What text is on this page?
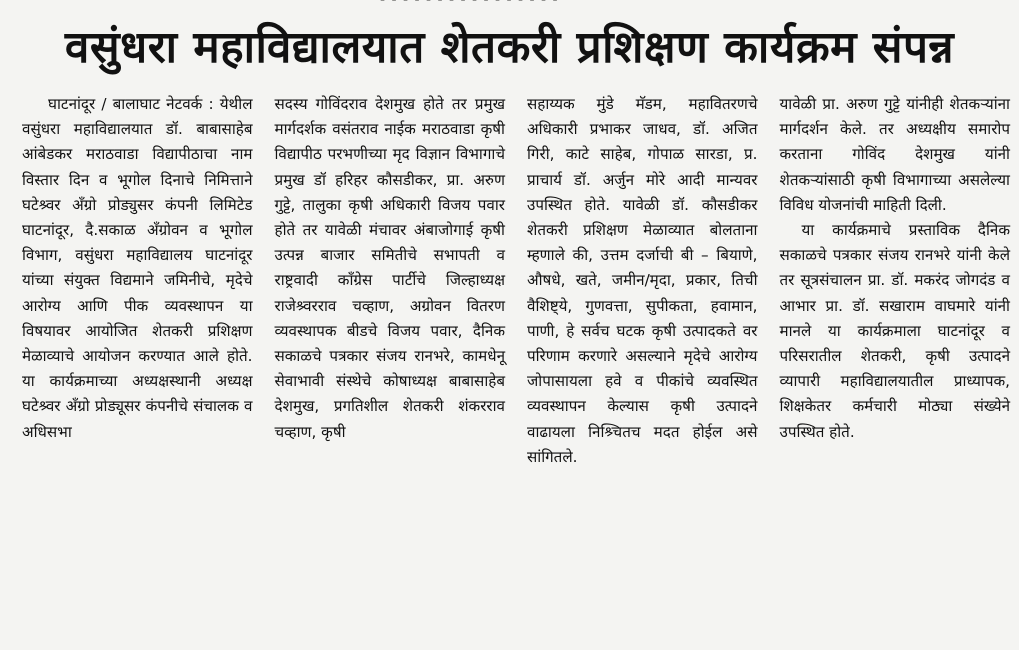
- - - - - - - - - - - - - - - -
वसुंधरा महाविद्यालयात शेतकरी प्रशिक्षण कार्यक्रम संपन्न

घाटनांदूर / बालाघाट नेटवर्क : येथील वसुंधरा महाविद्यालयात डॉ. बाबासाहेब आंबेडकर मराठवाडा विद्यापीठाचा नाम विस्तार दिन व भूगोल दिनाचे निमित्ताने घटेश्र्वर अँग्रो प्रोड्युसर कंपनी लिमिटेड घाटनांदूर, दै.सकाळ अँग्रोवन व भूगोल विभाग, वसुंधरा महाविद्यालय घाटनांदूर यांच्या संयुक्त विद्यमाने जमिनीचे, मृदेचे आरोग्य आणि पीक व्यवस्थापन या विषयावर आयोजित शेतकरी प्रशिक्षण मेळाव्याचे आयोजन करण्यात आले होते. या कार्यक्रमाच्या अध्यक्षस्थानी अध्यक्ष घटेश्र्वर अँग्रो प्रोड्यूसर कंपनीचे संचालक व अधिसभा

सदस्य गोविंदराव देशमुख होते तर प्रमुख मार्गदर्शक वसंतराव नाईक मराठवाडा कृषी विद्यापीठ परभणीच्या मृद विज्ञान विभागाचे प्रमुख डॉ हरिहर कौसडीकर, प्रा. अरुण गुट्टे, तालुका कृषी अधिकारी विजय पवार होते तर यावेळी मंचावर अंबाजोगाई कृषी उत्पन्न बाजार समितीचे सभापती व राष्ट्रवादी काँग्रेस पार्टीचे जिल्हाध्यक्ष राजेश्र्वरराव चव्हाण, अग्रोवन वितरण व्यवस्थापक बीडचे विजय पवार, दैनिक सकाळचे पत्रकार संजय रानभरे, कामधेनू सेवाभावी संस्थेचे कोषाध्यक्ष बाबासाहेब देशमुख, प्रगतिशील शेतकरी शंकरराव चव्हाण, कृषी

सहाय्यक मुंडे मॅडम, महावितरणचे अधिकारी प्रभाकर जाधव, डॉ. अजित गिरी, काटे साहेब, गोपाळ सारडा, प्र. प्राचार्य डॉ. अर्जुन मोरे आदी मान्यवर उपस्थित होते. यावेळी डॉ. कौसडीकर शेतकरी प्रशिक्षण मेळाव्यात बोलताना म्हणाले की, उत्तम दर्जाची बी – बियाणे, औषधे, खते, जमीन/मृदा, प्रकार, तिची वैशिष्ट्ये, गुणवत्ता, सुपीकता, हवामान, पाणी, हे सर्वच घटक कृषी उत्पादकते वर परिणाम करणारे असल्याने मृदेचे आरोग्य जोपासायला हवे व पीकांचे व्यवस्थित व्यवस्थापन केल्यास कृषी उत्पादने वाढायला निश्र्चितच मदत होईल असे सांगितले.

यावेळी प्रा. अरुण गुट्टे यांनीही शेतकऱ्यांना मार्गदर्शन केले. तर अध्यक्षीय समारोप करताना गोविंद देशमुख यांनी शेतकऱ्यांसाठी कृषी विभागाच्या असलेल्या विविध योजनांची माहिती दिली.

या कार्यक्रमाचे प्रस्ताविक दैनिक सकाळचे पत्रकार संजय रानभरे यांनी केले तर सूत्रसंचालन प्रा. डॉ. मकरंद जोगदंड व आभार प्रा. डॉ. सखाराम वाघमारे यांनी मानले या कार्यक्रमाला घाटनांदूर व परिसरातील शेतकरी, कृषी उत्पादने व्यापारी महाविद्यालयातील प्राध्यापक, शिक्षकेतर कर्मचारी मोठ्या संख्येने उपस्थित होते.
